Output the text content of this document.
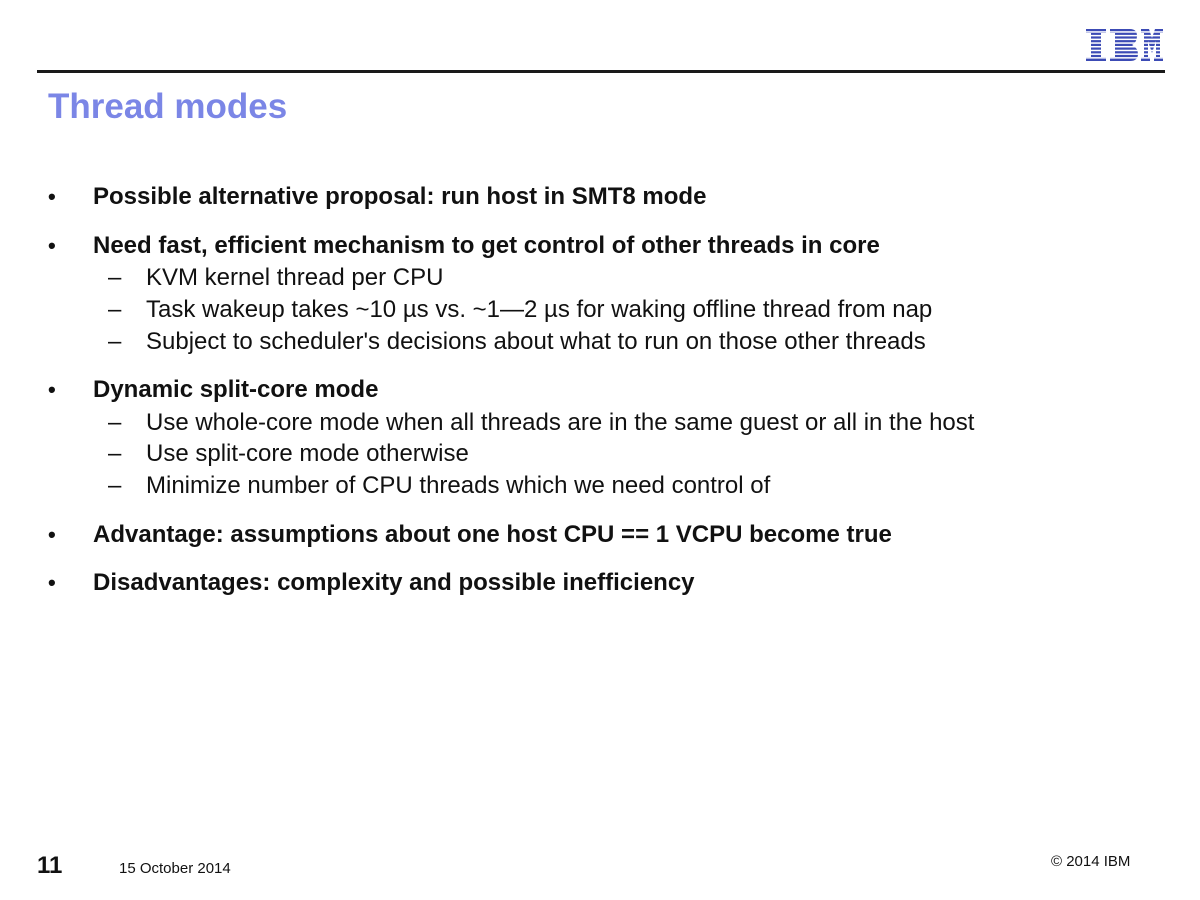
Thread modes
• Possible alternative proposal: run host in SMT8 mode
• Need fast, efficient mechanism to get control of other threads in core
– KVM kernel thread per CPU
– Task wakeup takes ~10 µs vs. ~1—2 µs for waking offline thread from nap
– Subject to scheduler's decisions about what to run on those other threads
• Dynamic split-core mode
– Use whole-core mode when all threads are in the same guest or all in the host
– Use split-core mode otherwise
– Minimize number of CPU threads which we need control of
• Advantage: assumptions about one host CPU == 1 VCPU become true
• Disadvantages: complexity and possible inefficiency
11	15 October 2014	© 2014 IBM
